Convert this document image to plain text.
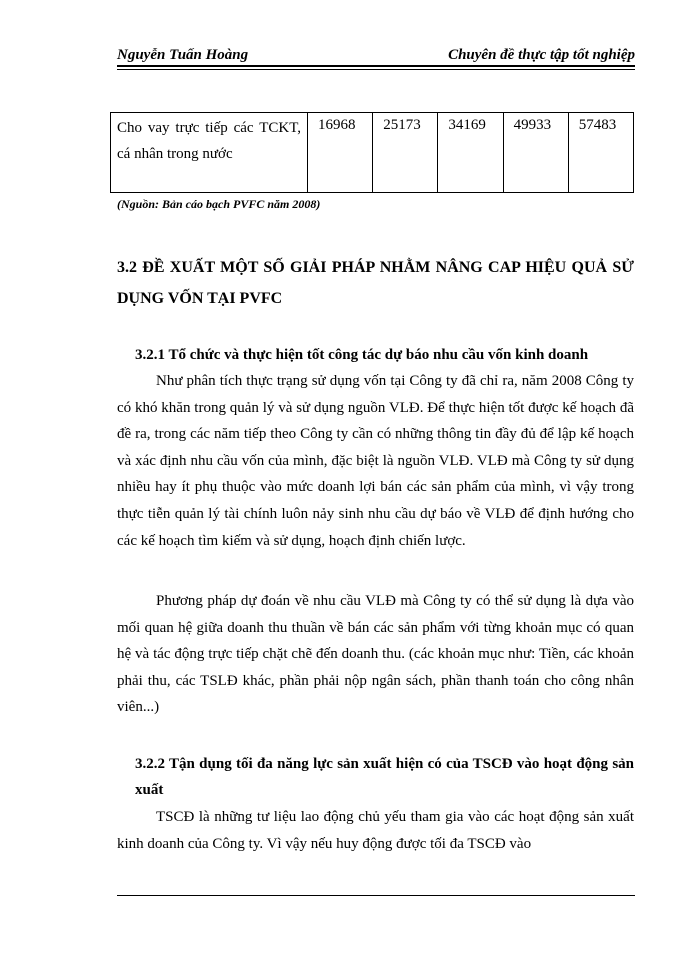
Nguyễn Tuấn Hoàng	Chuyên đề thực tập tốt nghiệp
Cho vay trực tiếp các TCKT, cá nhân trong nước	16968	25173	34169	49933	57483
(Nguồn: Bản cáo bạch PVFC năm 2008)
3.2 ĐỀ XUẤT MỘT SỐ GIẢI PHÁP NHẰM NÂNG CAP HIỆU QUẢ SỬ DỤNG VỐN TẠI PVFC
3.2.1 Tổ chức và thực hiện tốt công tác dự báo nhu cầu vốn kinh doanh

Như phân tích thực trạng sử dụng vốn tại Công ty đã chỉ ra, năm 2008 Công ty có khó khăn trong quản lý và sử dụng nguồn VLĐ. Để thực hiện tốt được kế hoạch đã đề ra, trong các năm tiếp theo Công ty cần có những thông tin đầy đủ để lập kế hoạch và xác định nhu cầu vốn của mình, đặc biệt là nguồn VLĐ. VLĐ mà Công ty sử dụng nhiều hay ít phụ thuộc vào mức doanh lợi bán các sản phẩm của mình, vì vậy trong thực tiễn quản lý tài chính luôn nảy sinh nhu cầu dự báo về VLĐ để định hướng cho các kế hoạch tìm kiếm và sử dụng, hoạch định chiến lược.

Phương pháp dự đoán về nhu cầu VLĐ mà Công ty có thể sử dụng là dựa vào mối quan hệ giữa doanh thu thuần về bán các sản phẩm với từng khoản mục có quan hệ và tác động trực tiếp chặt chẽ đến doanh thu. (các khoản mục như: Tiền, các khoản phải thu, các TSLĐ khác, phần phải nộp ngân sách, phần thanh toán cho công nhân viên...)

3.2.2 Tận dụng tối đa năng lực sản xuất hiện có của TSCĐ vào hoạt động sản xuất

TSCĐ là những tư liệu lao động chủ yếu tham gia vào các hoạt động sản xuất kinh doanh của Công ty. Vì vậy nếu huy động được tối đa TSCĐ vào
